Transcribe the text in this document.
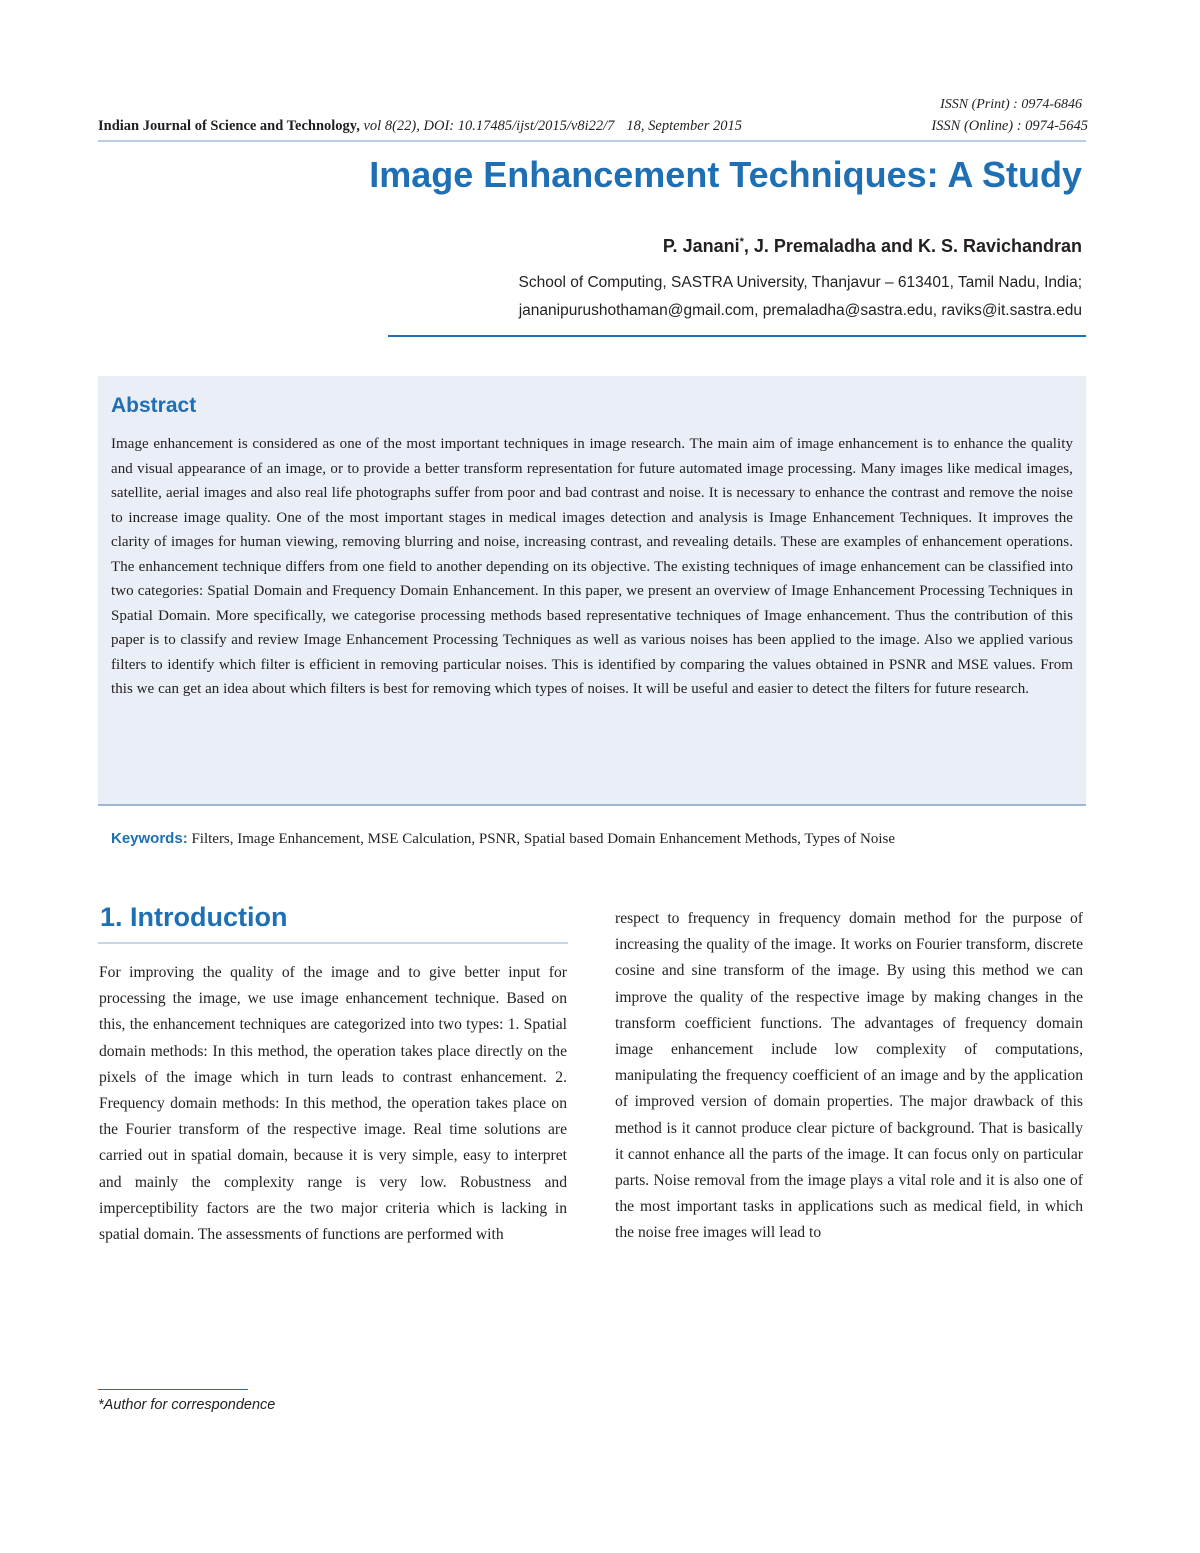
ISSN (Print) : 0974-6846
Indian Journal of Science and Technology, vol 8(22), DOI: 10.17485/ijst/2015/v8i22/7 18, September 2015	ISSN (Online) : 0974-5645
Image Enhancement Techniques: A Study
P. Janani*, J. Premaladha and K. S. Ravichandran
School of Computing, SASTRA University, Thanjavur – 613401, Tamil Nadu, India;
jananipurushothaman@gmail.com, premaladha@sastra.edu, raviks@it.sastra.edu
Abstract
Image enhancement is considered as one of the most important techniques in image research. The main aim of image enhancement is to enhance the quality and visual appearance of an image, or to provide a better transform representation for future automated image processing. Many images like medical images, satellite, aerial images and also real life photographs suffer from poor and bad contrast and noise. It is necessary to enhance the contrast and remove the noise to increase image quality. One of the most important stages in medical images detection and analysis is Image Enhancement Techniques. It improves the clarity of images for human viewing, removing blurring and noise, increasing contrast, and revealing details. These are examples of enhancement operations. The enhancement technique differs from one field to another depending on its objective. The existing techniques of image enhancement can be classified into two categories: Spatial Domain and Frequency Domain Enhancement. In this paper, we present an overview of Image Enhancement Processing Techniques in Spatial Domain. More specifically, we categorise processing methods based representative techniques of Image enhancement. Thus the contribution of this paper is to classify and review Image Enhancement Processing Techniques as well as various noises has been applied to the image. Also we applied various filters to identify which filter is efficient in removing particular noises. This is identified by comparing the values obtained in PSNR and MSE values. From this we can get an idea about which filters is best for removing which types of noises. It will be useful and easier to detect the filters for future research.
Keywords: Filters, Image Enhancement, MSE Calculation, PSNR, Spatial based Domain Enhancement Methods, Types of Noise
1. Introduction
For improving the quality of the image and to give better input for processing the image, we use image enhancement technique. Based on this, the enhancement techniques are categorized into two types: 1. Spatial domain methods: In this method, the operation takes place directly on the pixels of the image which in turn leads to contrast enhancement. 2. Frequency domain methods: In this method, the operation takes place on the Fourier transform of the respective image. Real time solutions are carried out in spatial domain, because it is very simple, easy to interpret and mainly the complexity range is very low. Robustness and imperceptibility factors are the two major criteria which is lacking in spatial domain. The assessments of functions are performed with
respect to frequency in frequency domain method for the purpose of increasing the quality of the image. It works on Fourier transform, discrete cosine and sine transform of the image. By using this method we can improve the quality of the respective image by making changes in the transform coefficient functions. The advantages of frequency domain image enhancement include low complexity of computations, manipulating the frequency coefficient of an image and by the application of improved version of domain properties. The major drawback of this method is it cannot produce clear picture of background. That is basically it cannot enhance all the parts of the image. It can focus only on particular parts. Noise removal from the image plays a vital role and it is also one of the most important tasks in applications such as medical field, in which the noise free images will lead to
*Author for correspondence
